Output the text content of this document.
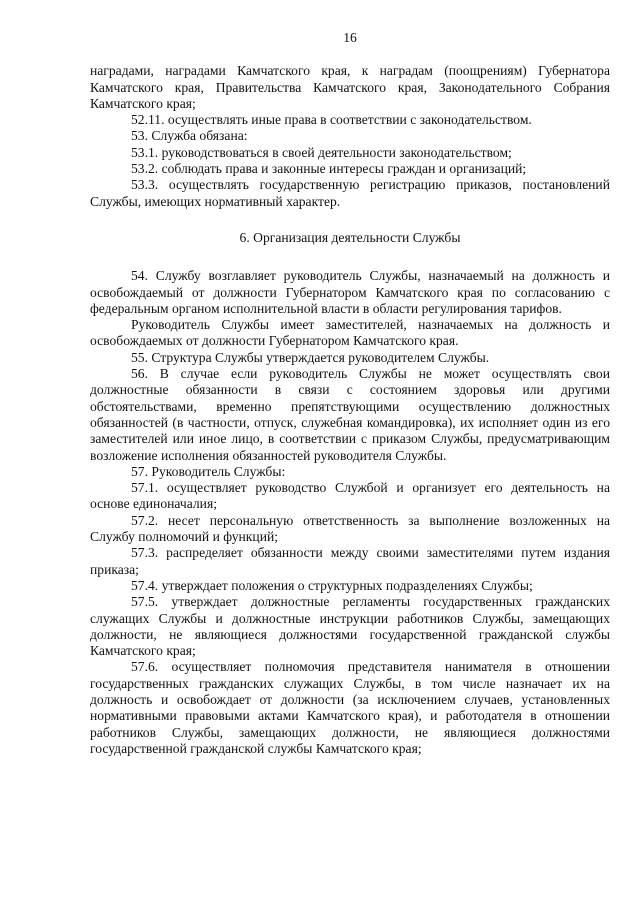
16

наградами, наградами Камчатского края, к наградам (поощрениям) Губернатора Камчатского края, Правительства Камчатского края, Законодательного Собрания Камчатского края;

52.11. осуществлять иные права в соответствии с законодательством.

53. Служба обязана:

53.1. руководствоваться в своей деятельности законодательством;

53.2. соблюдать права и законные интересы граждан и организаций;

53.3. осуществлять государственную регистрацию приказов, постановлений Службы, имеющих нормативный характер.

6. Организация деятельности Службы

54. Службу возглавляет руководитель Службы, назначаемый на должность и освобождаемый от должности Губернатором Камчатского края по согласованию с федеральным органом исполнительной власти в области регулирования тарифов.

Руководитель Службы имеет заместителей, назначаемых на должность и освобождаемых от должности Губернатором Камчатского края.

55. Структура Службы утверждается руководителем Службы.

56. В случае если руководитель Службы не может осуществлять свои должностные обязанности в связи с состоянием здоровья или другими обстоятельствами, временно препятствующими осуществлению должностных обязанностей (в частности, отпуск, служебная командировка), их исполняет один из его заместителей или иное лицо, в соответствии с приказом Службы, предусматривающим возложение исполнения обязанностей руководителя Службы.

57. Руководитель Службы:

57.1. осуществляет руководство Службой и организует его деятельность на основе единоначалия;

57.2. несет персональную ответственность за выполнение возложенных на Службу полномочий и функций;

57.3. распределяет обязанности между своими заместителями путем издания приказа;

57.4. утверждает положения о структурных подразделениях Службы;

57.5. утверждает должностные регламенты государственных гражданских служащих Службы и должностные инструкции работников Службы, замещающих должности, не являющиеся должностями государственной гражданской службы Камчатского края;

57.6. осуществляет полномочия представителя нанимателя в отношении государственных гражданских служащих Службы, в том числе назначает их на должность и освобождает от должности (за исключением случаев, установленных нормативными правовыми актами Камчатского края), и работодателя в отношении работников Службы, замещающих должности, не являющиеся должностями государственной гражданской службы Камчатского края;
